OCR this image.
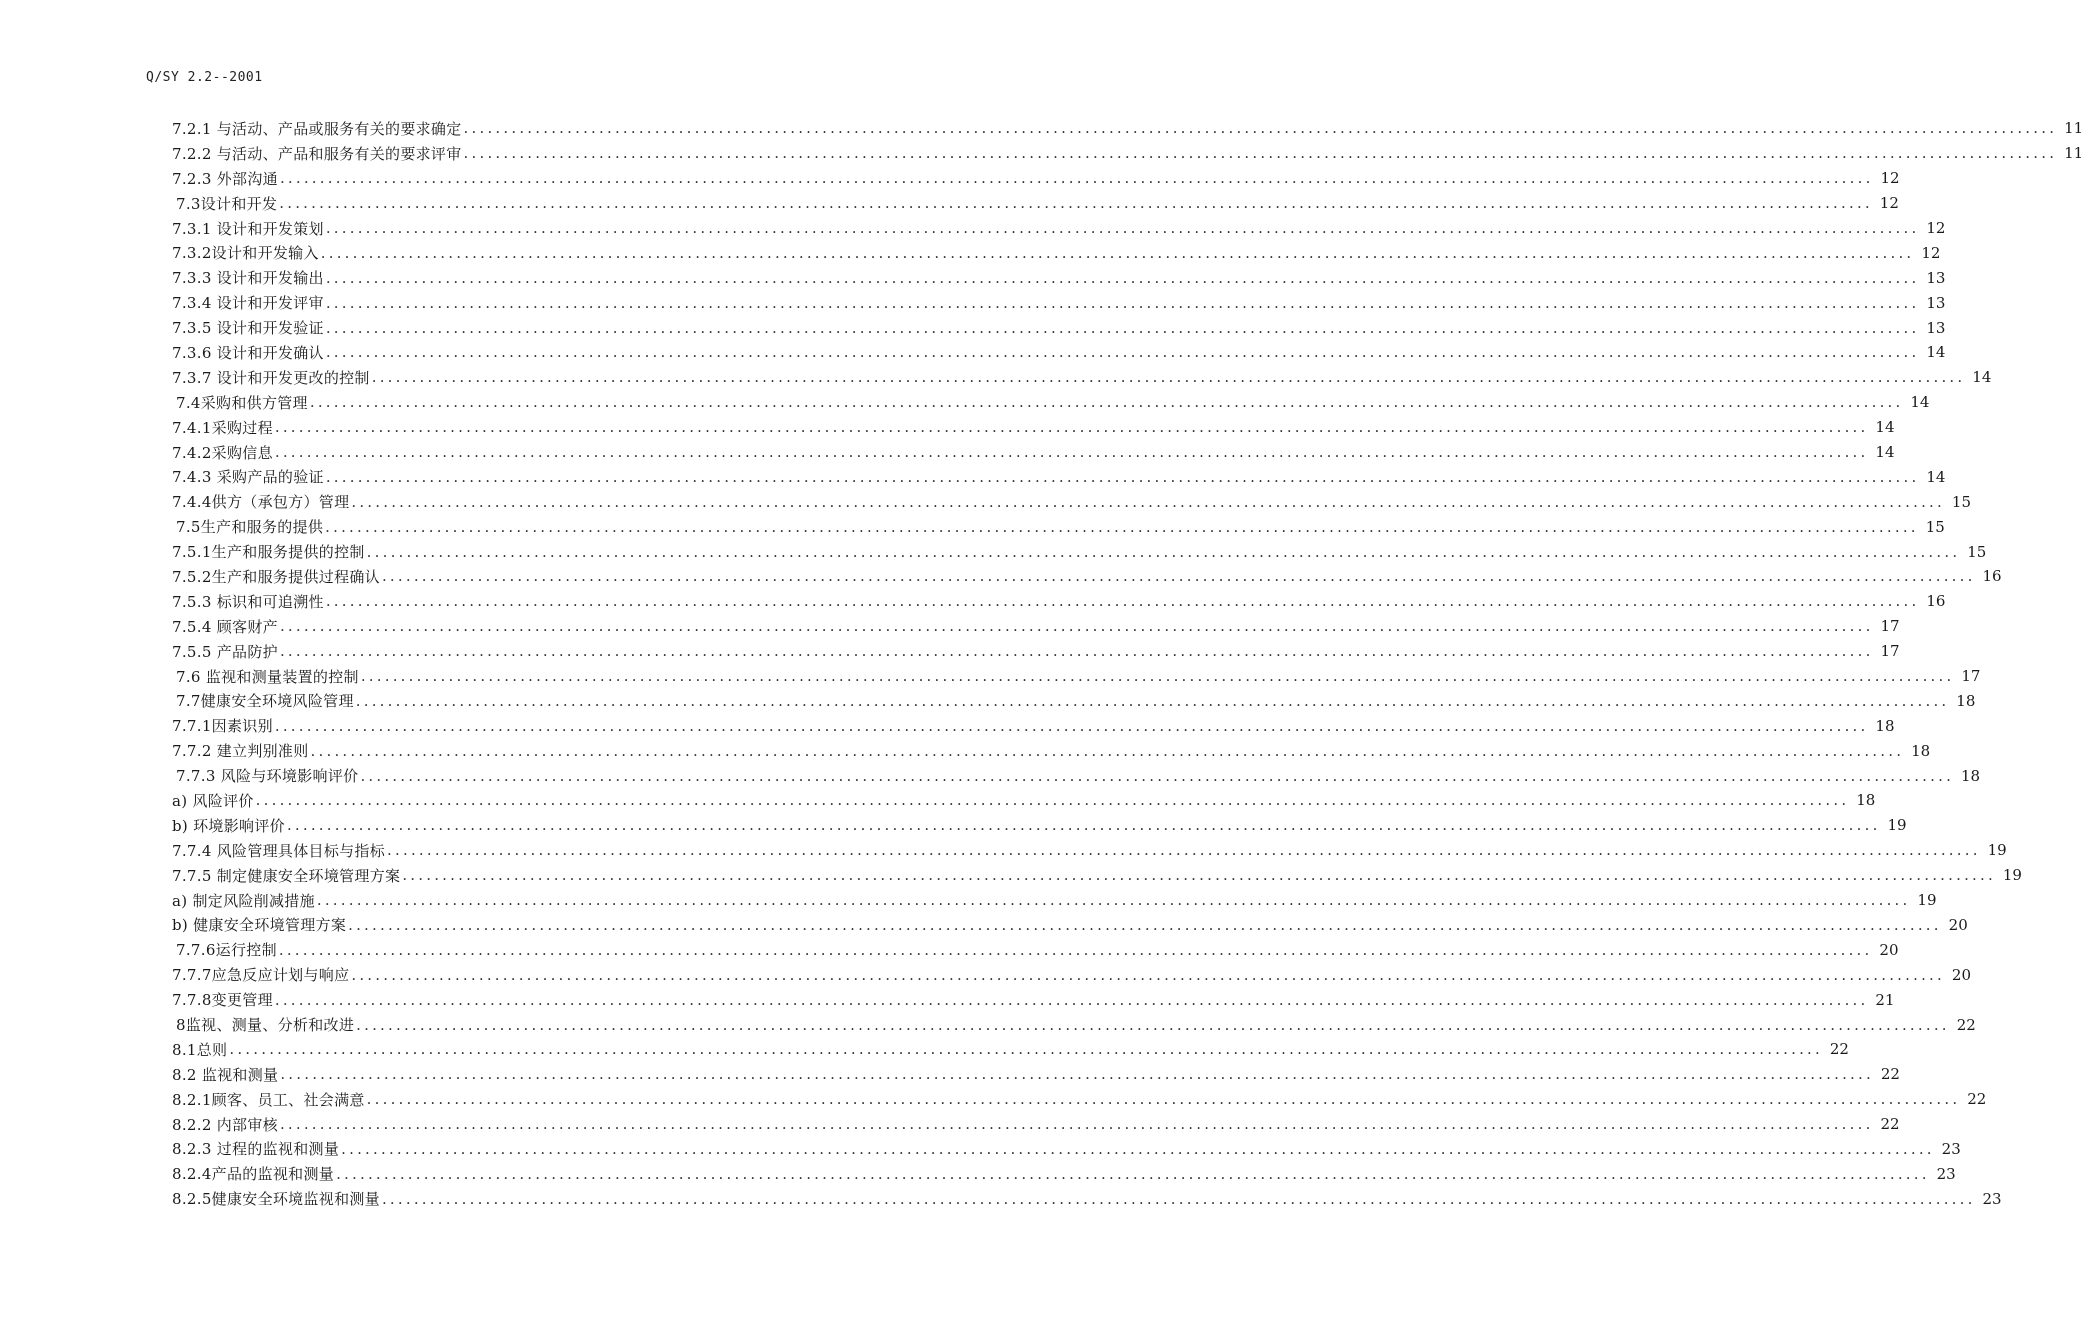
Q/SY 2.2--2001
7.2.1 与活动、产品或服务有关的要求确定 ........................................................................................................................................................................................................ 11
7.2.2 与活动、产品和服务有关的要求评审 ........................................................................................................................................................................................................ 11
7.2.3 外部沟通 ........................................................................................................................................................................................................ 12
7.3设计和开发 ........................................................................................................................................................................................................ 12
7.3.1 设计和开发策划 ........................................................................................................................................................................................................ 12
7.3.2设计和开发输入 ........................................................................................................................................................................................................ 12
7.3.3 设计和开发输出 ........................................................................................................................................................................................................ 13
7.3.4 设计和开发评审 ........................................................................................................................................................................................................ 13
7.3.5 设计和开发验证 ........................................................................................................................................................................................................ 13
7.3.6 设计和开发确认 ........................................................................................................................................................................................................ 14
7.3.7 设计和开发更改的控制 ........................................................................................................................................................................................................ 14
7.4采购和供方管理 ........................................................................................................................................................................................................ 14
7.4.1采购过程 ........................................................................................................................................................................................................ 14
7.4.2采购信息 ........................................................................................................................................................................................................ 14
7.4.3 采购产品的验证 ........................................................................................................................................................................................................ 14
7.4.4供方（承包方）管理 ........................................................................................................................................................................................................ 15
7.5生产和服务的提供 ........................................................................................................................................................................................................ 15
7.5.1生产和服务提供的控制 ........................................................................................................................................................................................................ 15
7.5.2生产和服务提供过程确认 ........................................................................................................................................................................................................ 16
7.5.3 标识和可追溯性 ........................................................................................................................................................................................................ 16
7.5.4 顾客财产 ........................................................................................................................................................................................................ 17
7.5.5 产品防护 ........................................................................................................................................................................................................ 17
7.6 监视和测量装置的控制 ........................................................................................................................................................................................................ 17
7.7健康安全环境风险管理 ........................................................................................................................................................................................................ 18
7.7.1因素识别 ........................................................................................................................................................................................................ 18
7.7.2 建立判别准则 ........................................................................................................................................................................................................ 18
7.7.3 风险与环境影响评价 ........................................................................................................................................................................................................ 18
a) 风险评价 ........................................................................................................................................................................................................ 18
b) 环境影响评价 ........................................................................................................................................................................................................ 19
7.7.4 风险管理具体目标与指标 ........................................................................................................................................................................................................ 19
7.7.5 制定健康安全环境管理方案 ........................................................................................................................................................................................................ 19
a) 制定风险削减措施 ........................................................................................................................................................................................................ 19
b) 健康安全环境管理方案 ........................................................................................................................................................................................................ 20
7.7.6运行控制 ........................................................................................................................................................................................................ 20
7.7.7应急反应计划与响应 ........................................................................................................................................................................................................ 20
7.7.8变更管理 ........................................................................................................................................................................................................ 21
8监视、测量、分析和改进 ........................................................................................................................................................................................................ 22
8.1总则 ........................................................................................................................................................................................................ 22
8.2 监视和测量 ........................................................................................................................................................................................................ 22
8.2.1顾客、员工、社会满意 ........................................................................................................................................................................................................ 22
8.2.2 内部审核 ........................................................................................................................................................................................................ 22
8.2.3 过程的监视和测量 ........................................................................................................................................................................................................ 23
8.2.4产品的监视和测量 ........................................................................................................................................................................................................ 23
8.2.5健康安全环境监视和测量 ........................................................................................................................................................................................................ 23
